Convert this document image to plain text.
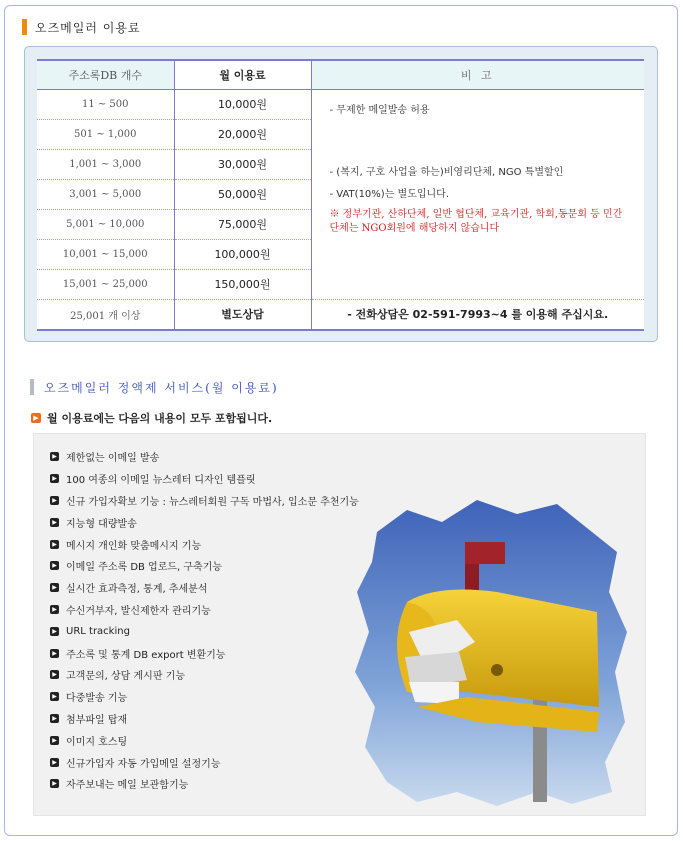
오즈메일러 이용료
주소록DB 개수	월 이용료	비 고
11 ~ 500	10,000원	- 무제한 메일발송 허용
- (복지, 구호 사업을 하는)비영리단체, NGO 특별할인
- VAT(10%)는 별도입니다.
※ 정부기관, 산하단체, 일반 협단체, 교육기관, 학회,동문회 등 민간단체는 NGO회원에 해당하지 않습니다

501 ~ 1,000	20,000원	
1,001 ~ 3,000	30,000원	
3,001 ~ 5,000	50,000원	
5,001 ~ 10,000	75,000원	
10,001 ~ 15,000	100,000원	
15,001 ~ 25,000	150,000원	
25,001 개 이상	별도상담	- 전화상담은 02-591-7993~4 를 이용해 주십시요.
오즈메일러 정액제 서비스(월 이용료)
▶ 월 이용료에는 다음의 내용이 모두 포함됩니다.
▶ 제한없는 이메일 발송
▶ 100 여종의 이메일 뉴스레터 디자인 템플릿
▶ 신규 가입자확보 기능 : 뉴스레터회원 구독 마법사, 입소문 추천기능
▶ 지능형 대량발송
▶ 메시지 개인화 맞춤메시지 기능
▶ 이메일 주소록 DB 업로드, 구축기능
▶ 실시간 효과측정, 통계, 추세분석
▶ 수신거부자, 발신제한자 관리기능
▶ URL tracking
▶ 주소록 및 통계 DB export 변환기능
▶ 고객문의, 상담 게시판 기능
▶ 다중발송 기능
▶ 첨부파일 탑재
▶ 이미지 호스팅
▶ 신규가입자 자동 가입메일 설정기능
▶ 자주보내는 메일 보관함기능
